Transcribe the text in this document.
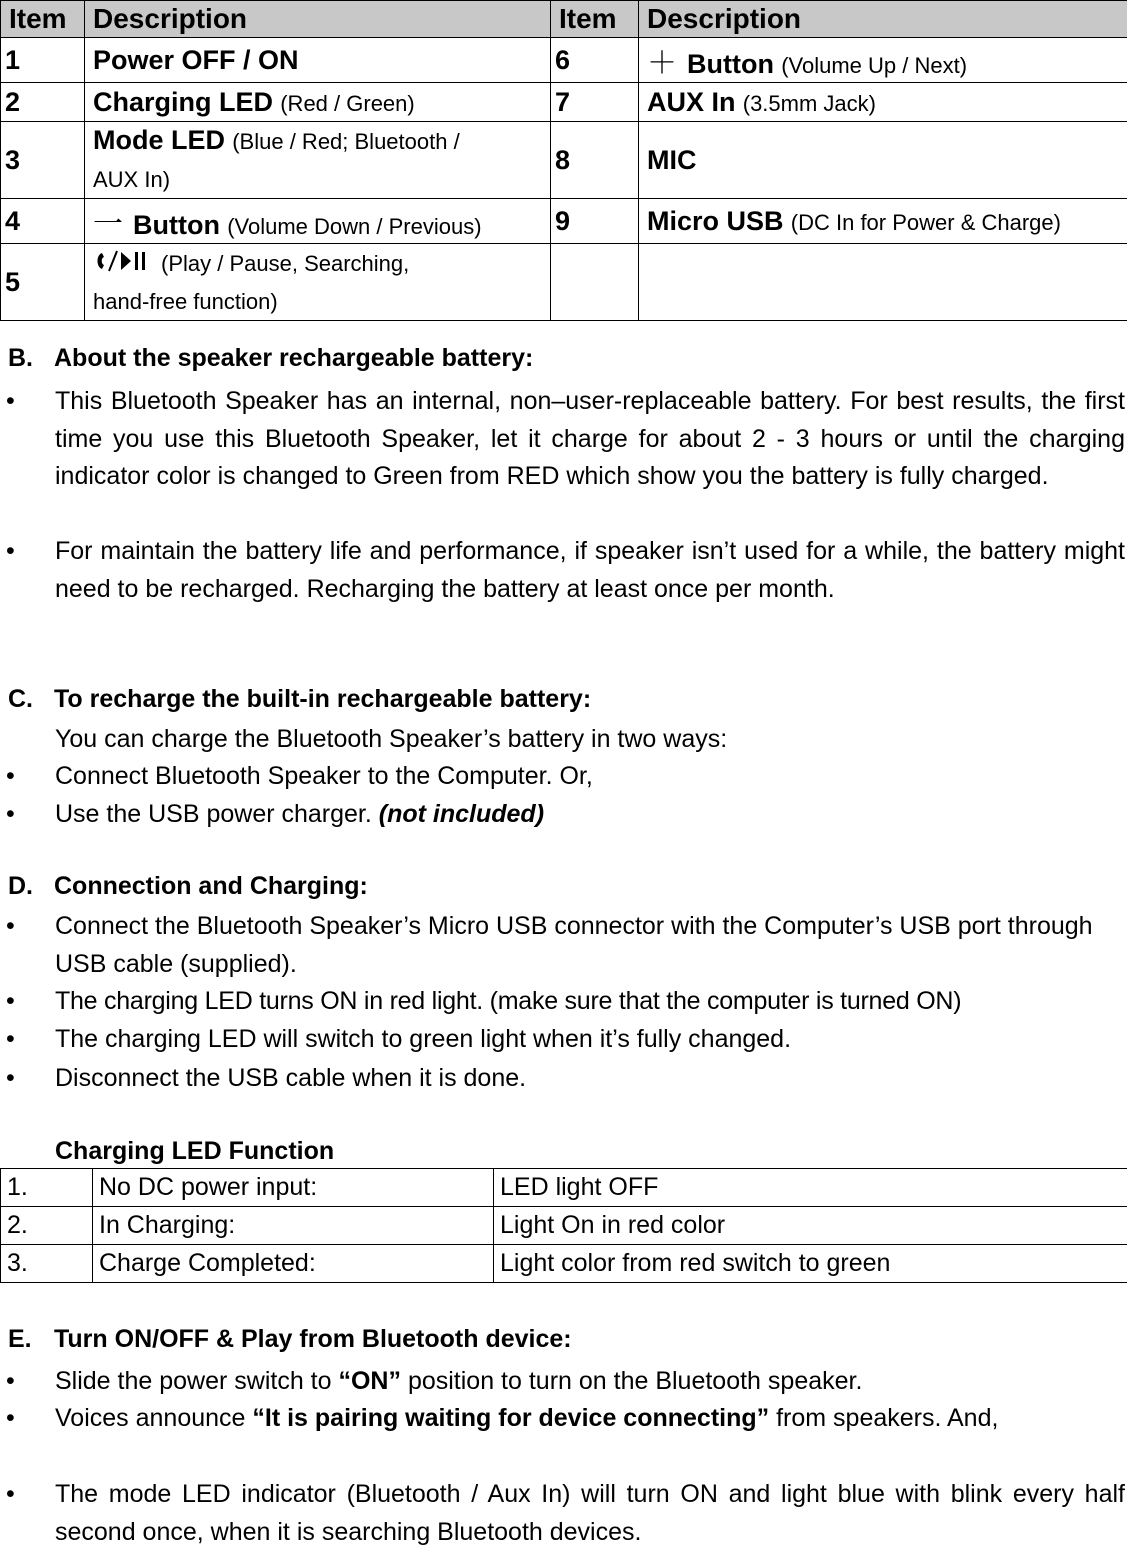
Item	Description	Item	Description
1	Power OFF / ON	6	＋ Button (Volume Up / Next)
2	Charging LED (Red / Green)	7	AUX In (3.5mm Jack)
3	Mode LED (Blue / Red; Bluetooth /
AUX In)	8	MIC
4	一 Button (Volume Down / Previous)	9	Micro USB (DC In for Power & Charge)
5	(Play / Pause, Searching,
hand-free function)		
B. About the speaker rechargeable battery:
• This Bluetooth Speaker has an internal, non–user-replaceable battery. For best results, the first time you use this Bluetooth Speaker, let it charge for about 2 - 3 hours or until the charging indicator color is changed to Green from RED which show you the battery is fully charged.
• For maintain the battery life and performance, if speaker isn’t used for a while, the battery might need to be recharged. Recharging the battery at least once per month.
C. To recharge the built-in rechargeable battery:
You can charge the Bluetooth Speaker’s battery in two ways:
• Connect Bluetooth Speaker to the Computer. Or,
• Use the USB power charger. (not included)
D. Connection and Charging:
• Connect the Bluetooth Speaker’s Micro USB connector with the Computer’s USB port through USB cable (supplied).
• The charging LED turns ON in red light. (make sure that the computer is turned ON)
• The charging LED will switch to green light when it’s fully changed.
• Disconnect the USB cable when it is done.
Charging LED Function
1.	No DC power input:	LED light OFF
2.	In Charging:	Light On in red color
3.	Charge Completed:	Light color from red switch to green
E. Turn ON/OFF & Play from Bluetooth device:
• Slide the power switch to “ON” position to turn on the Bluetooth speaker.
• Voices announce “It is pairing waiting for device connecting” from speakers. And,
• The mode LED indicator (Bluetooth / Aux In) will turn ON and light blue with blink every half second once, when it is searching Bluetooth devices.
